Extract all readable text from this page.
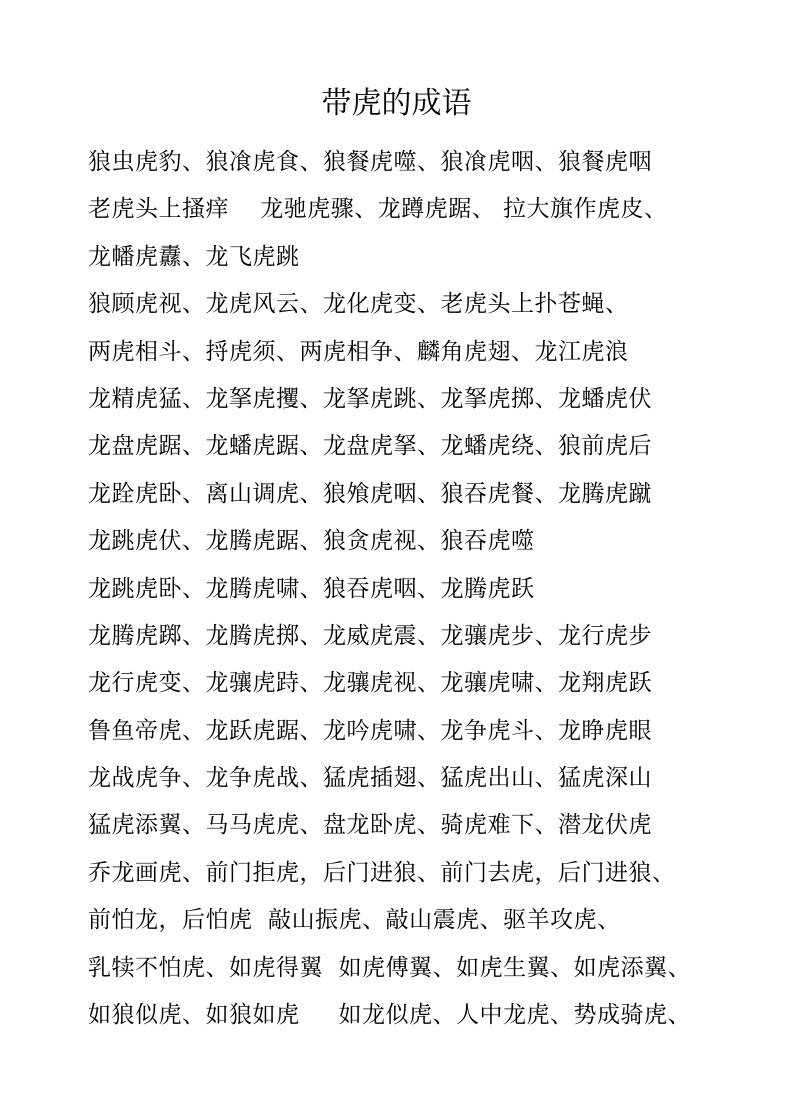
带虎的成语
狼虫虎豹、狼飡虎食、狼餐虎噬、狼飡虎咽、狼餐虎咽
老虎头上搔痒    龙驰虎骤、龙蹲虎踞、 拉大旗作虎皮、
龙幡虎纛、龙飞虎跳
狼顾虎视、龙虎风云、龙化虎变、老虎头上扑苍蝇、
两虎相斗、捋虎须、两虎相争、麟角虎翅、龙江虎浪
龙精虎猛、龙拏虎攫、龙拏虎跳、龙拏虎掷、龙蟠虎伏
龙盘虎踞、龙蟠虎踞、龙盘虎拏、龙蟠虎绕、狼前虎后
龙跧虎卧、离山调虎、狼飧虎咽、狼吞虎餐、龙腾虎蹴
龙跳虎伏、龙腾虎踞、狼贪虎视、狼吞虎噬
龙跳虎卧、龙腾虎啸、狼吞虎咽、龙腾虎跃
龙腾虎踯、龙腾虎掷、龙威虎震、龙骧虎步、龙行虎步
龙行虎变、龙骧虎跱、龙骧虎视、龙骧虎啸、龙翔虎跃
鲁鱼帝虎、龙跃虎踞、龙吟虎啸、龙争虎斗、龙睁虎眼
龙战虎争、龙争虎战、猛虎插翅、猛虎出山、猛虎深山
猛虎添翼、马马虎虎、盘龙卧虎、骑虎难下、潜龙伏虎
乔龙画虎、前门拒虎，后门进狼、前门去虎，后门进狼、
前怕龙，后怕虎  敲山振虎、敲山震虎、驱羊攻虎、
乳犊不怕虎、如虎得翼  如虎傅翼、如虎生翼、如虎添翼、
如狼似虎、如狼如虎     如龙似虎、人中龙虎、势成骑虎、
